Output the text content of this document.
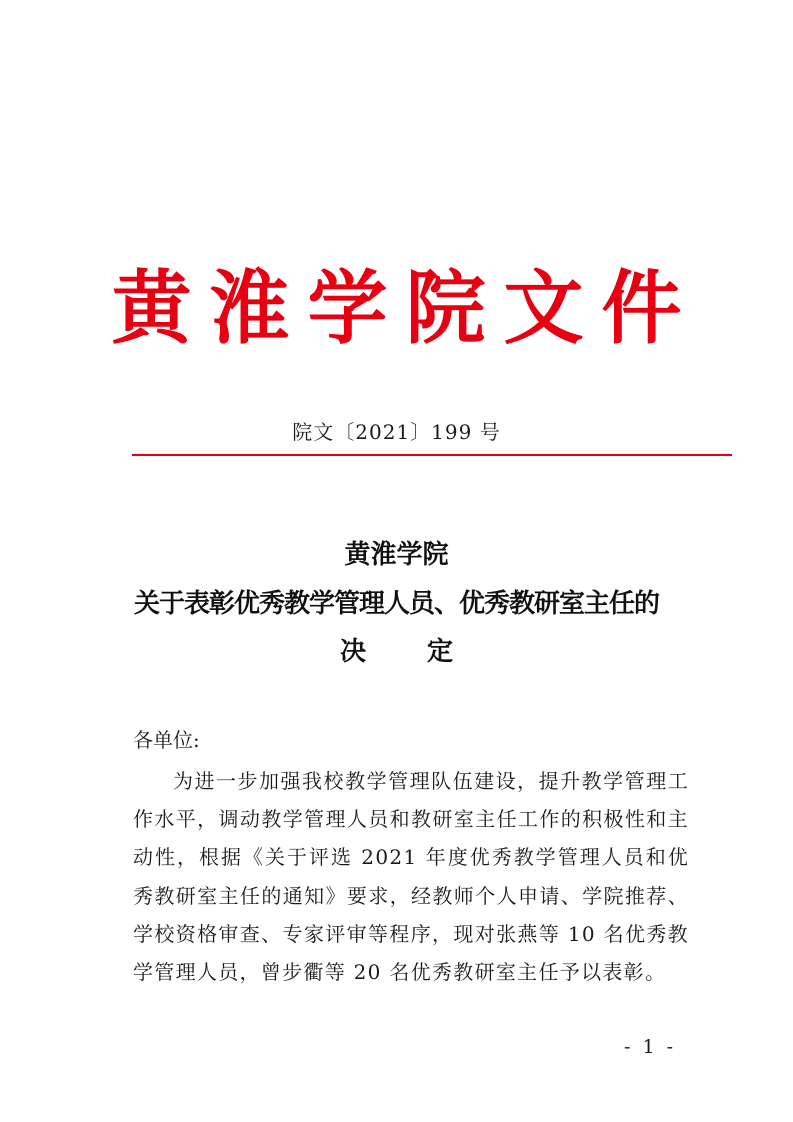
黄淮学院文件
院文〔2021〕199 号
黄淮学院
关于表彰优秀教学管理人员、优秀教研室主任的
决 定
各单位:

为进一步加强我校教学管理队伍建设，提升教学管理工作水平，调动教学管理人员和教研室主任工作的积极性和主动性，根据《关于评选 2021 年度优秀教学管理人员和优秀教研室主任的通知》要求，经教师个人申请、学院推荐、学校资格审查、专家评审等程序，现对张燕等 10 名优秀教学管理人员，曾步衢等 20 名优秀教研室主任予以表彰。

- 1 -
